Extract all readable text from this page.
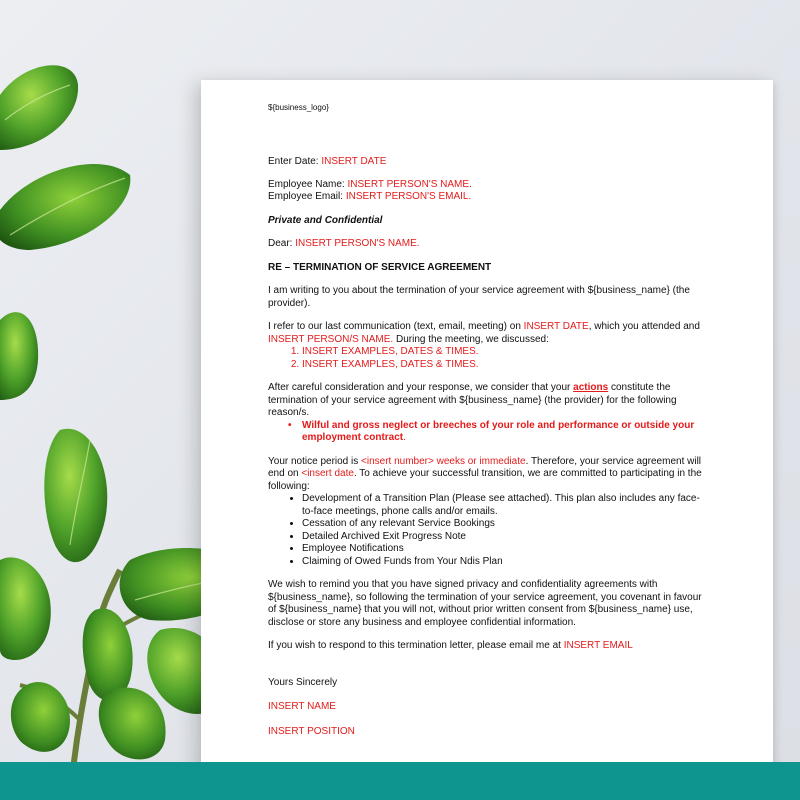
${business_logo}

Enter Date: INSERT DATE

Employee Name: INSERT PERSON'S NAME.

Employee Email: INSERT PERSON'S EMAIL.

Private and Confidential

Dear: INSERT PERSON'S NAME.

RE – TERMINATION OF SERVICE AGREEMENT

I am writing to you about the termination of your service agreement with ${business_name} (the provider).

I refer to our last communication (text, email, meeting) on INSERT DATE, which you attended and INSERT PERSON/S NAME. During the meeting, we discussed:

1. INSERT EXAMPLES, DATES & TIMES.
2. INSERT EXAMPLES, DATES & TIMES.

After careful consideration and your response, we consider that your actions constitute the termination of your service agreement with ${business_name} (the provider) for the following reason/s.

• Wilful and gross neglect or breeches of your role and performance or outside your employment contract.

Your notice period is <insert number> weeks or immediate. Therefore, your service agreement will end on <insert date. To achieve your successful transition, we are committed to participating in the following:

• Development of a Transition Plan (Please see attached). This plan also includes any face-to-face meetings, phone calls and/or emails.
• Cessation of any relevant Service Bookings
• Detailed Archived Exit Progress Note
• Employee Notifications
• Claiming of Owed Funds from Your Ndis Plan

We wish to remind you that you have signed privacy and confidentiality agreements with ${business_name}, so following the termination of your service agreement, you covenant in favour of ${business_name} that you will not, without prior written consent from ${business_name} use, disclose or store any business and employee confidential information.

If you wish to respond to this termination letter, please email me at INSERT EMAIL

Yours Sincerely

INSERT NAME

INSERT POSITION
